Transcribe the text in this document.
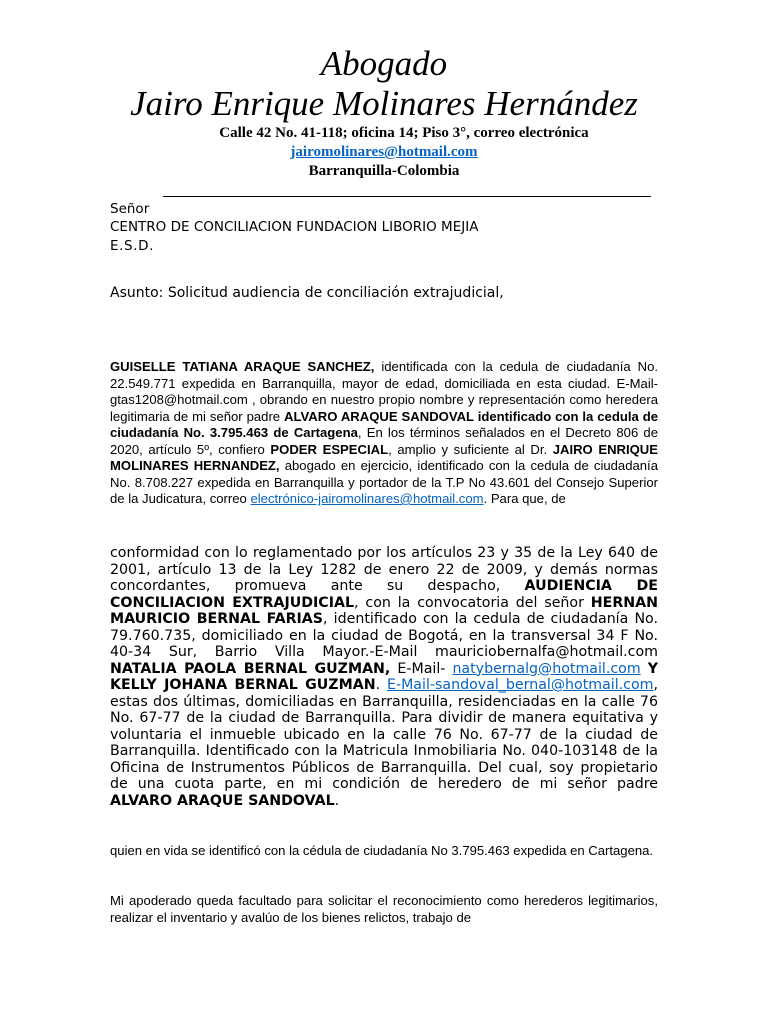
Abogado
Jairo Enrique Molinares Hernández
Calle 42 No. 41-118; oficina 14; Piso 3°, correo electrónica
jairomolinares@hotmail.com
Barranquilla-Colombia
Señor
CENTRO DE CONCILIACION FUNDACION LIBORIO MEJIA
E.S.D.
Asunto: Solicitud audiencia de conciliación extrajudicial,
GUISELLE TATIANA ARAQUE SANCHEZ, identificada con la cedula de ciudadanía No. 22.549.771 expedida en Barranquilla, mayor de edad, domiciliada en esta ciudad. E-Mail- gtas1208@hotmail.com , obrando en nuestro propio nombre y representación como heredera legitimaria de mi señor padre ALVARO ARAQUE SANDOVAL identificado con la cedula de ciudadanía No. 3.795.463 de Cartagena, En los términos señalados en el Decreto 806 de 2020, artículo 5º, confiero PODER ESPECIAL, amplio y suficiente al Dr. JAIRO ENRIQUE MOLINARES HERNANDEZ, abogado en ejercicio, identificado con la cedula de ciudadanía No. 8.708.227 expedida en Barranquilla y portador de la T.P No 43.601 del Consejo Superior de la Judicatura, correo electrónico-jairomolinares@hotmail.com. Para que, de
conformidad con lo reglamentado por los artículos 23 y 35 de la Ley 640 de 2001, artículo 13 de la Ley 1282 de enero 22 de 2009, y demás normas concordantes, promueva ante su despacho, AUDIENCIA DE CONCILIACION EXTRAJUDICIAL, con la convocatoria del señor HERNAN MAURICIO BERNAL FARIAS, identificado con la cedula de ciudadanía No. 79.760.735, domiciliado en la ciudad de Bogotá, en la transversal 34 F No. 40-34 Sur, Barrio Villa Mayor.-E-Mail mauriciobernalfa@hotmail.com NATALIA PAOLA BERNAL GUZMAN, E-Mail- natybernalg@hotmail.com Y KELLY JOHANA BERNAL GUZMAN. E-Mail-sandoval_bernal@hotmail.com, estas dos últimas, domiciliadas en Barranquilla, residenciadas en la calle 76 No. 67-77 de la ciudad de Barranquilla. Para dividir de manera equitativa y voluntaria el inmueble ubicado en la calle 76 No. 67-77 de la ciudad de Barranquilla. Identificado con la Matricula Inmobiliaria No. 040-103148 de la Oficina de Instrumentos Públicos de Barranquilla. Del cual, soy propietario de una cuota parte, en mi condición de heredero de mi señor padre ALVARO ARAQUE SANDOVAL.
quien en vida se identificó con la cédula de ciudadanía No 3.795.463 expedida en Cartagena.
Mi apoderado queda facultado para solicitar el reconocimiento como herederos legitimarios, realizar el inventario y avalúo de los bienes relictos, trabajo de
